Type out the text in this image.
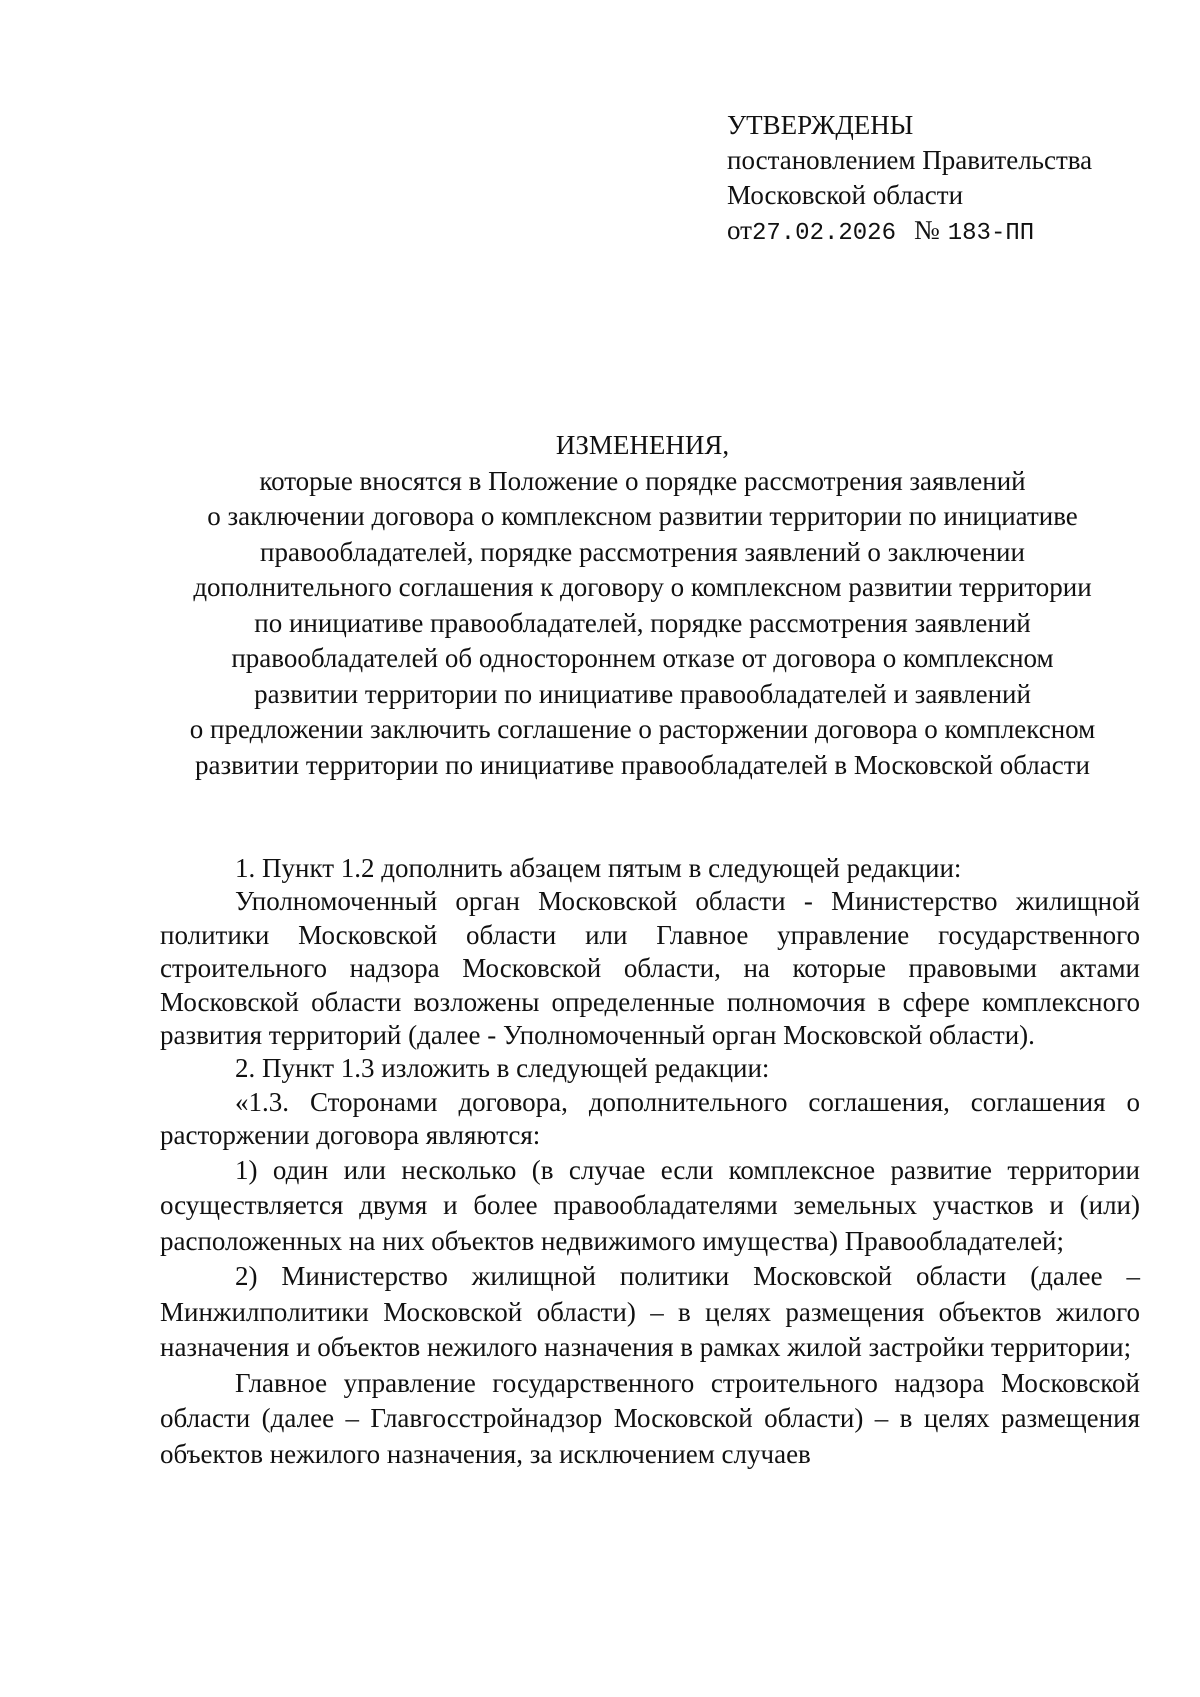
УТВЕРЖДЕНЫ
постановлением Правительства
Московской области
от27.02.2026 № 183-ПП
ИЗМЕНЕНИЯ,
которые вносятся в Положение о порядке рассмотрения заявлений
о заключении договора о комплексном развитии территории по инициативе
правообладателей, порядке рассмотрения заявлений о заключении
дополнительного соглашения к договору о комплексном развитии территории
по инициативе правообладателей, порядке рассмотрения заявлений
правообладателей об одностороннем отказе от договора о комплексном
развитии территории по инициативе правообладателей и заявлений
о предложении заключить соглашение о расторжении договора о комплексном
развитии территории по инициативе правообладателей в Московской области

1. Пункт 1.2 дополнить абзацем пятым в следующей редакции:

Уполномоченный орган Московской области - Министерство жилищной политики Московской области или Главное управление государственного строительного надзора Московской области, на которые правовыми актами Московской области возложены определенные полномочия в сфере комплексного развития территорий (далее - Уполномоченный орган Московской области).

2. Пункт 1.3 изложить в следующей редакции:

«1.3. Сторонами договора, дополнительного соглашения, соглашения о расторжении договора являются:

1) один или несколько (в случае если комплексное развитие территории осуществляется двумя и более правообладателями земельных участков и (или) расположенных на них объектов недвижимого имущества) Правообладателей;

2) Министерство жилищной политики Московской области (далее – Минжилполитики Московской области) – в целях размещения объектов жилого назначения и объектов нежилого назначения в рамках жилой застройки территории;

Главное управление государственного строительного надзора Московской области (далее – Главгосстройнадзор Московской области) – в целях размещения объектов нежилого назначения, за исключением случаев
